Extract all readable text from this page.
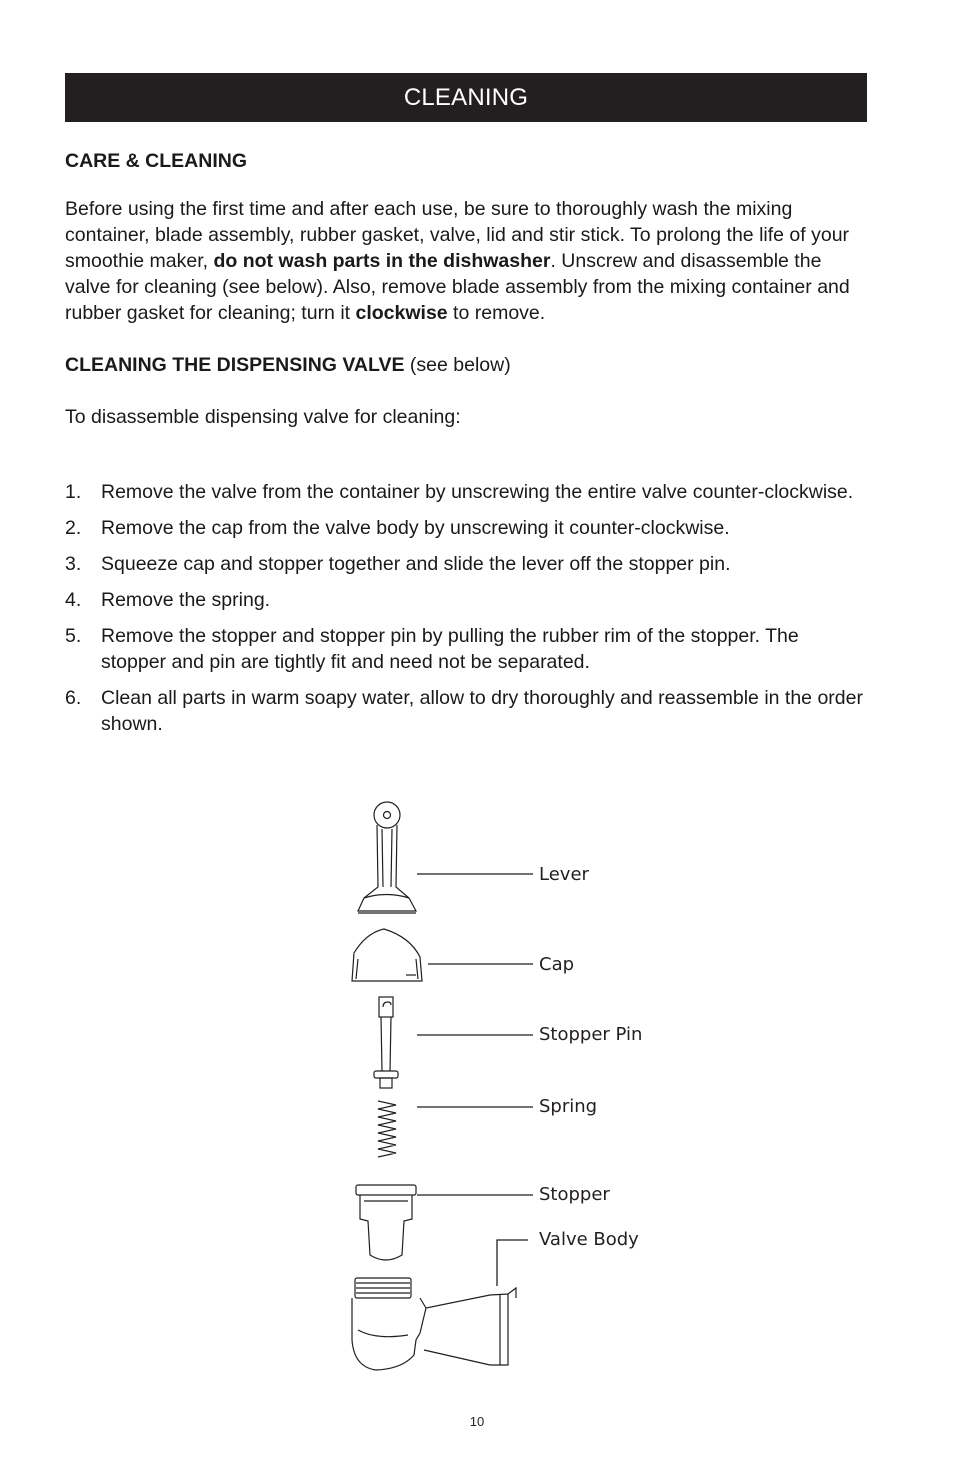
CLEANING

CARE & CLEANING

Before using the first time and after each use, be sure to thoroughly wash the mixing container, blade assembly, rubber gasket, valve, lid and stir stick. To prolong the life of your smoothie maker, do not wash parts in the dishwasher. Unscrew and disassemble the valve for cleaning (see below). Also, remove blade assembly from the mixing container and rubber gasket for cleaning; turn it clockwise to remove.

CLEANING THE DISPENSING VALVE (see below)

To disassemble dispensing valve for cleaning:

1. Remove the valve from the container by unscrewing the entire valve counter-clockwise.
2. Remove the cap from the valve body by unscrewing it counter-clockwise.
3. Squeeze cap and stopper together and slide the lever off the stopper pin.
4. Remove the spring.
5. Remove the stopper and stopper pin by pulling the rubber rim of the stopper. The stopper and pin are tightly fit and need not be separated.
6. Clean all parts in warm soapy water, allow to dry thoroughly and reassemble in the order shown.
Lever
Cap
Stopper Pin
Spring
Stopper
Valve Body
10
